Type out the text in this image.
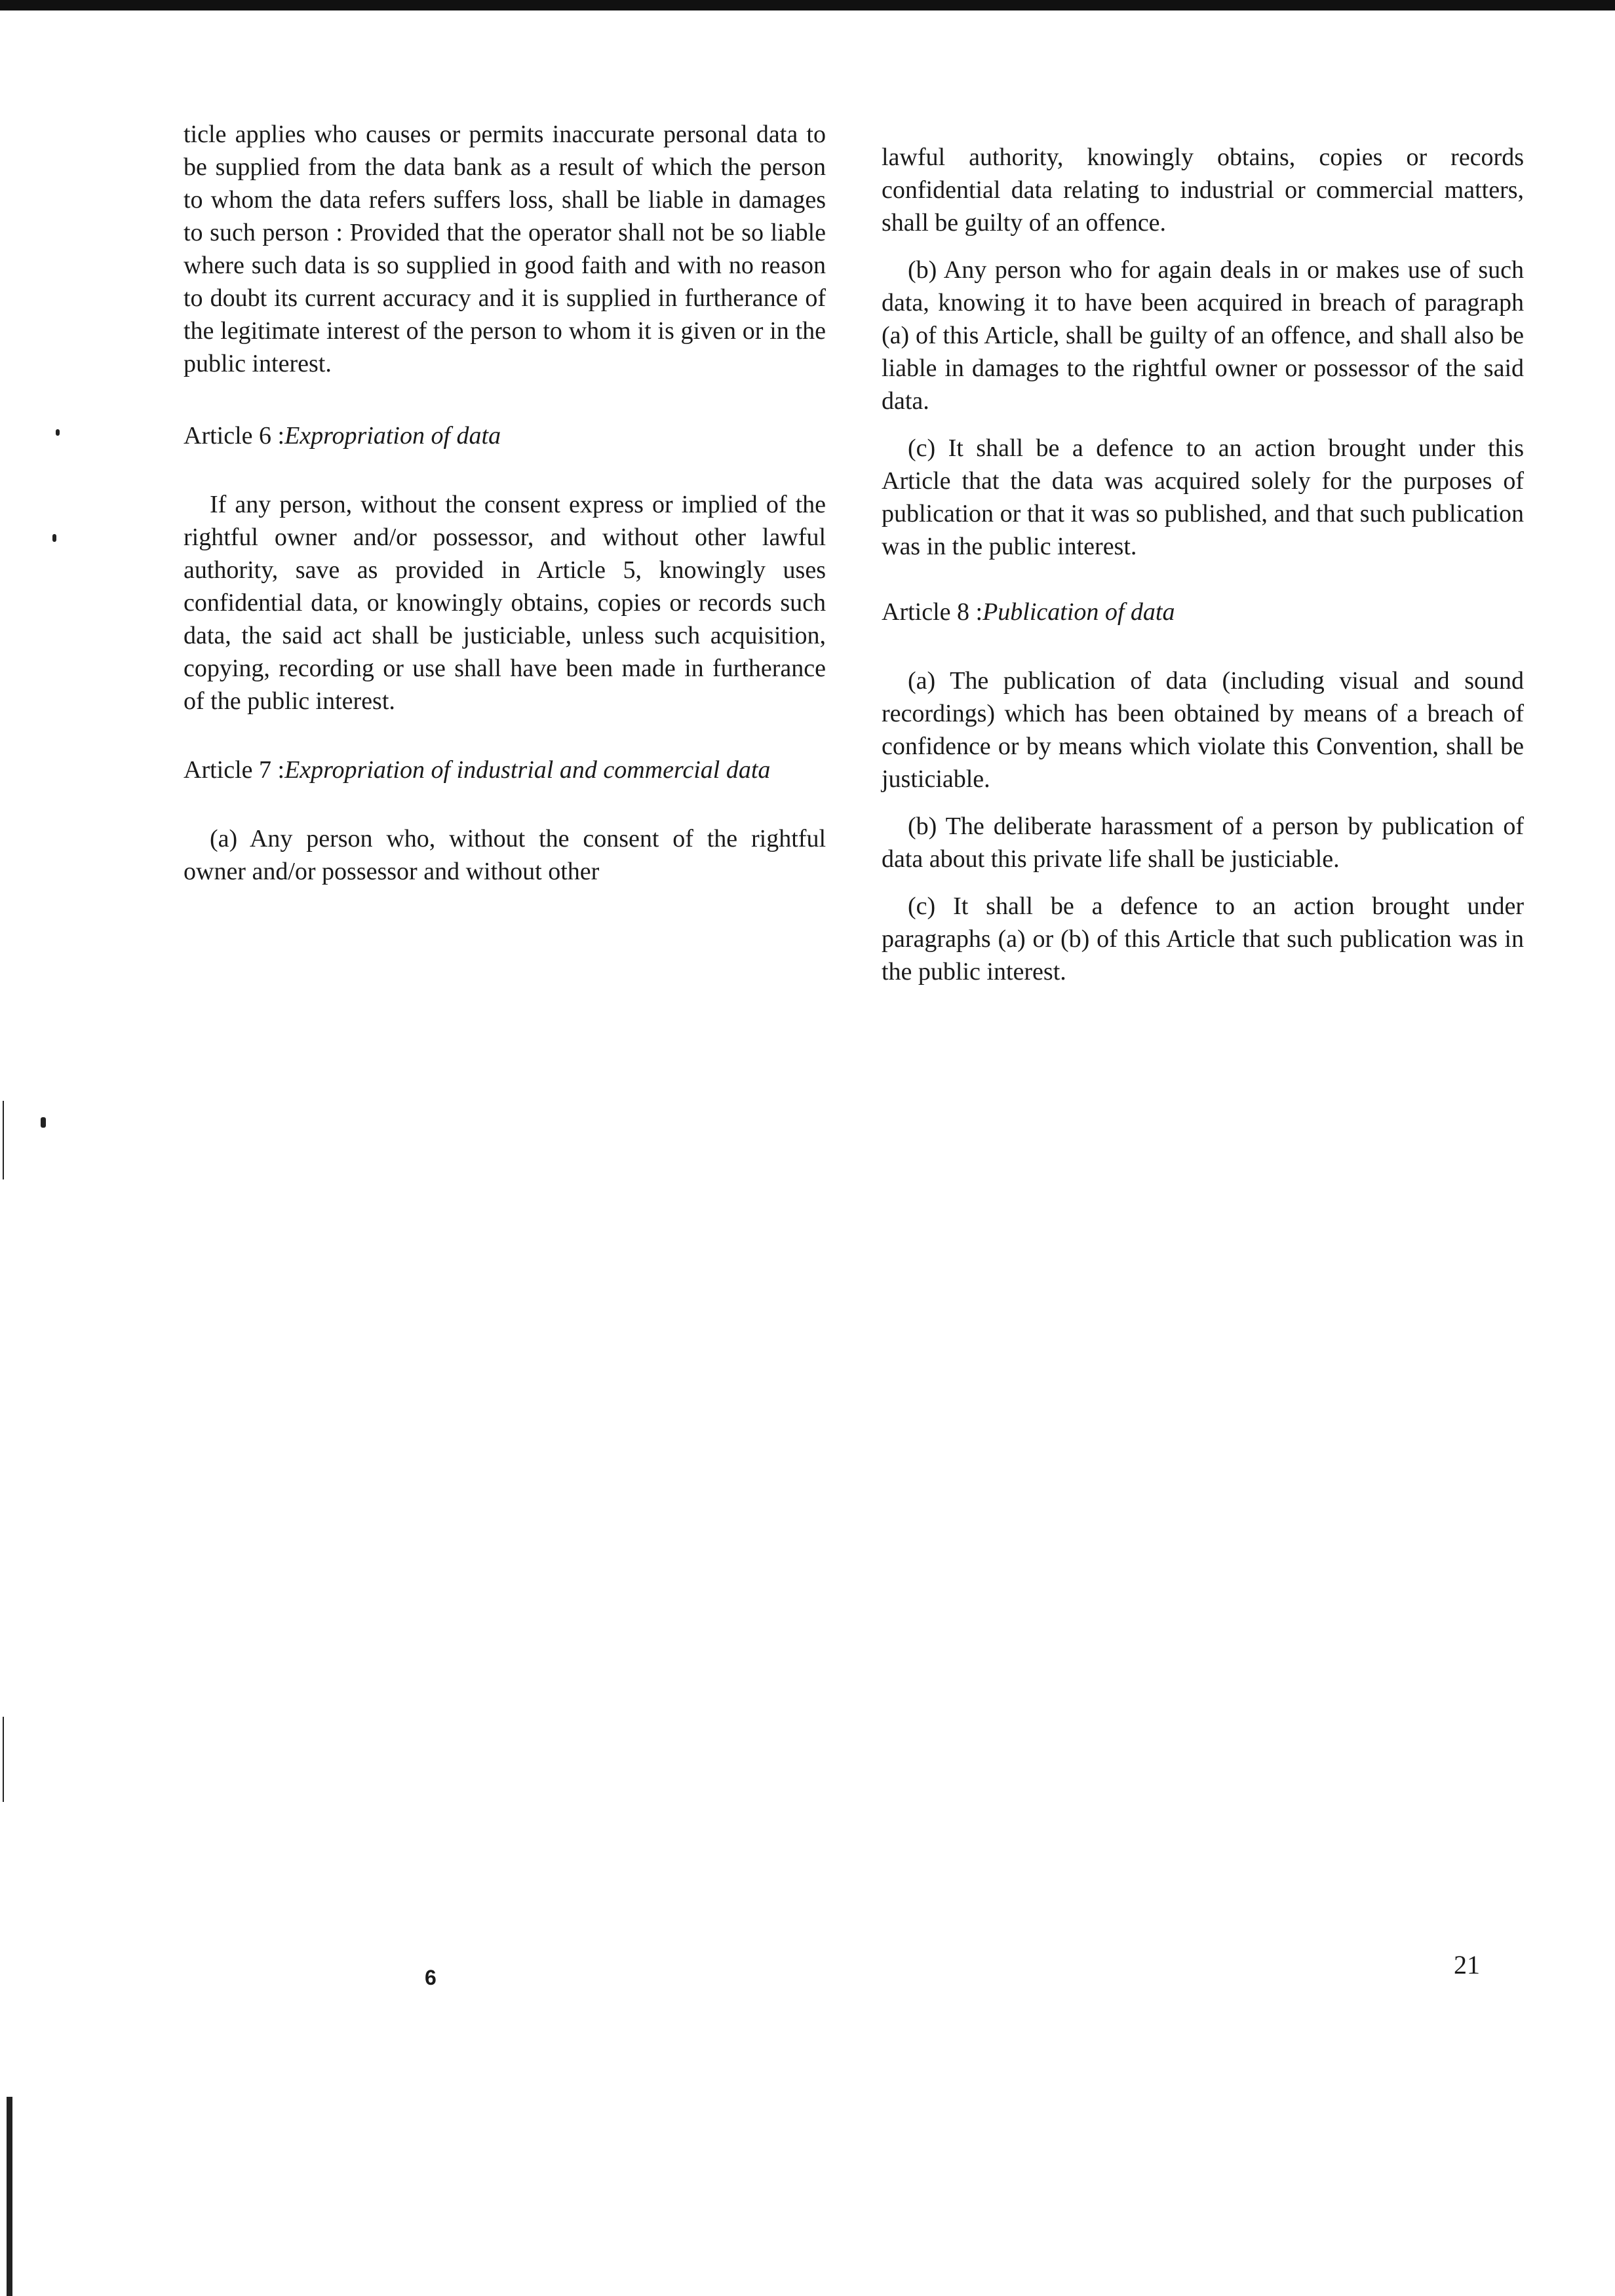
ticle applies who causes or permits inaccurate personal data to be supplied from the data bank as a result of which the person to whom the data refers suffers loss, shall be liable in damages to such person : Provided that the operator shall not be so liable where such data is so supplied in good faith and with no reason to doubt its current accuracy and it is supplied in furtherance of the legitimate interest of the person to whom it is given or in the public interest.

Article 6 : Expropriation of data

If any person, without the consent express or implied of the rightful owner and/or possessor, and without other lawful authority, save as provided in Article 5, knowingly uses confidential data, or knowingly obtains, copies or records such data, the said act shall be justiciable, unless such acquisition, copying, recording or use shall have been made in furtherance of the public interest.

Article 7 : Expropriation of industrial and commercial data

(a) Any person who, without the consent of the rightful owner and/or possessor and without other

lawful authority, knowingly obtains, copies or records confidential data relating to industrial or commercial matters, shall be guilty of an offence.

(b) Any person who for again deals in or makes use of such data, knowing it to have been acquired in breach of paragraph (a) of this Article, shall be guilty of an offence, and shall also be liable in damages to the rightful owner or possessor of the said data.

(c) It shall be a defence to an action brought under this Article that the data was acquired solely for the purposes of publication or that it was so published, and that such publication was in the public interest.

Article 8 : Publication of data

(a) The publication of data (including visual and sound recordings) which has been obtained by means of a breach of confidence or by means which violate this Convention, shall be justiciable.

(b) The deliberate harassment of a person by publication of data about this private life shall be justiciable.

(c) It shall be a defence to an action brought under paragraphs (a) or (b) of this Article that such publication was in the public interest.

6	21
